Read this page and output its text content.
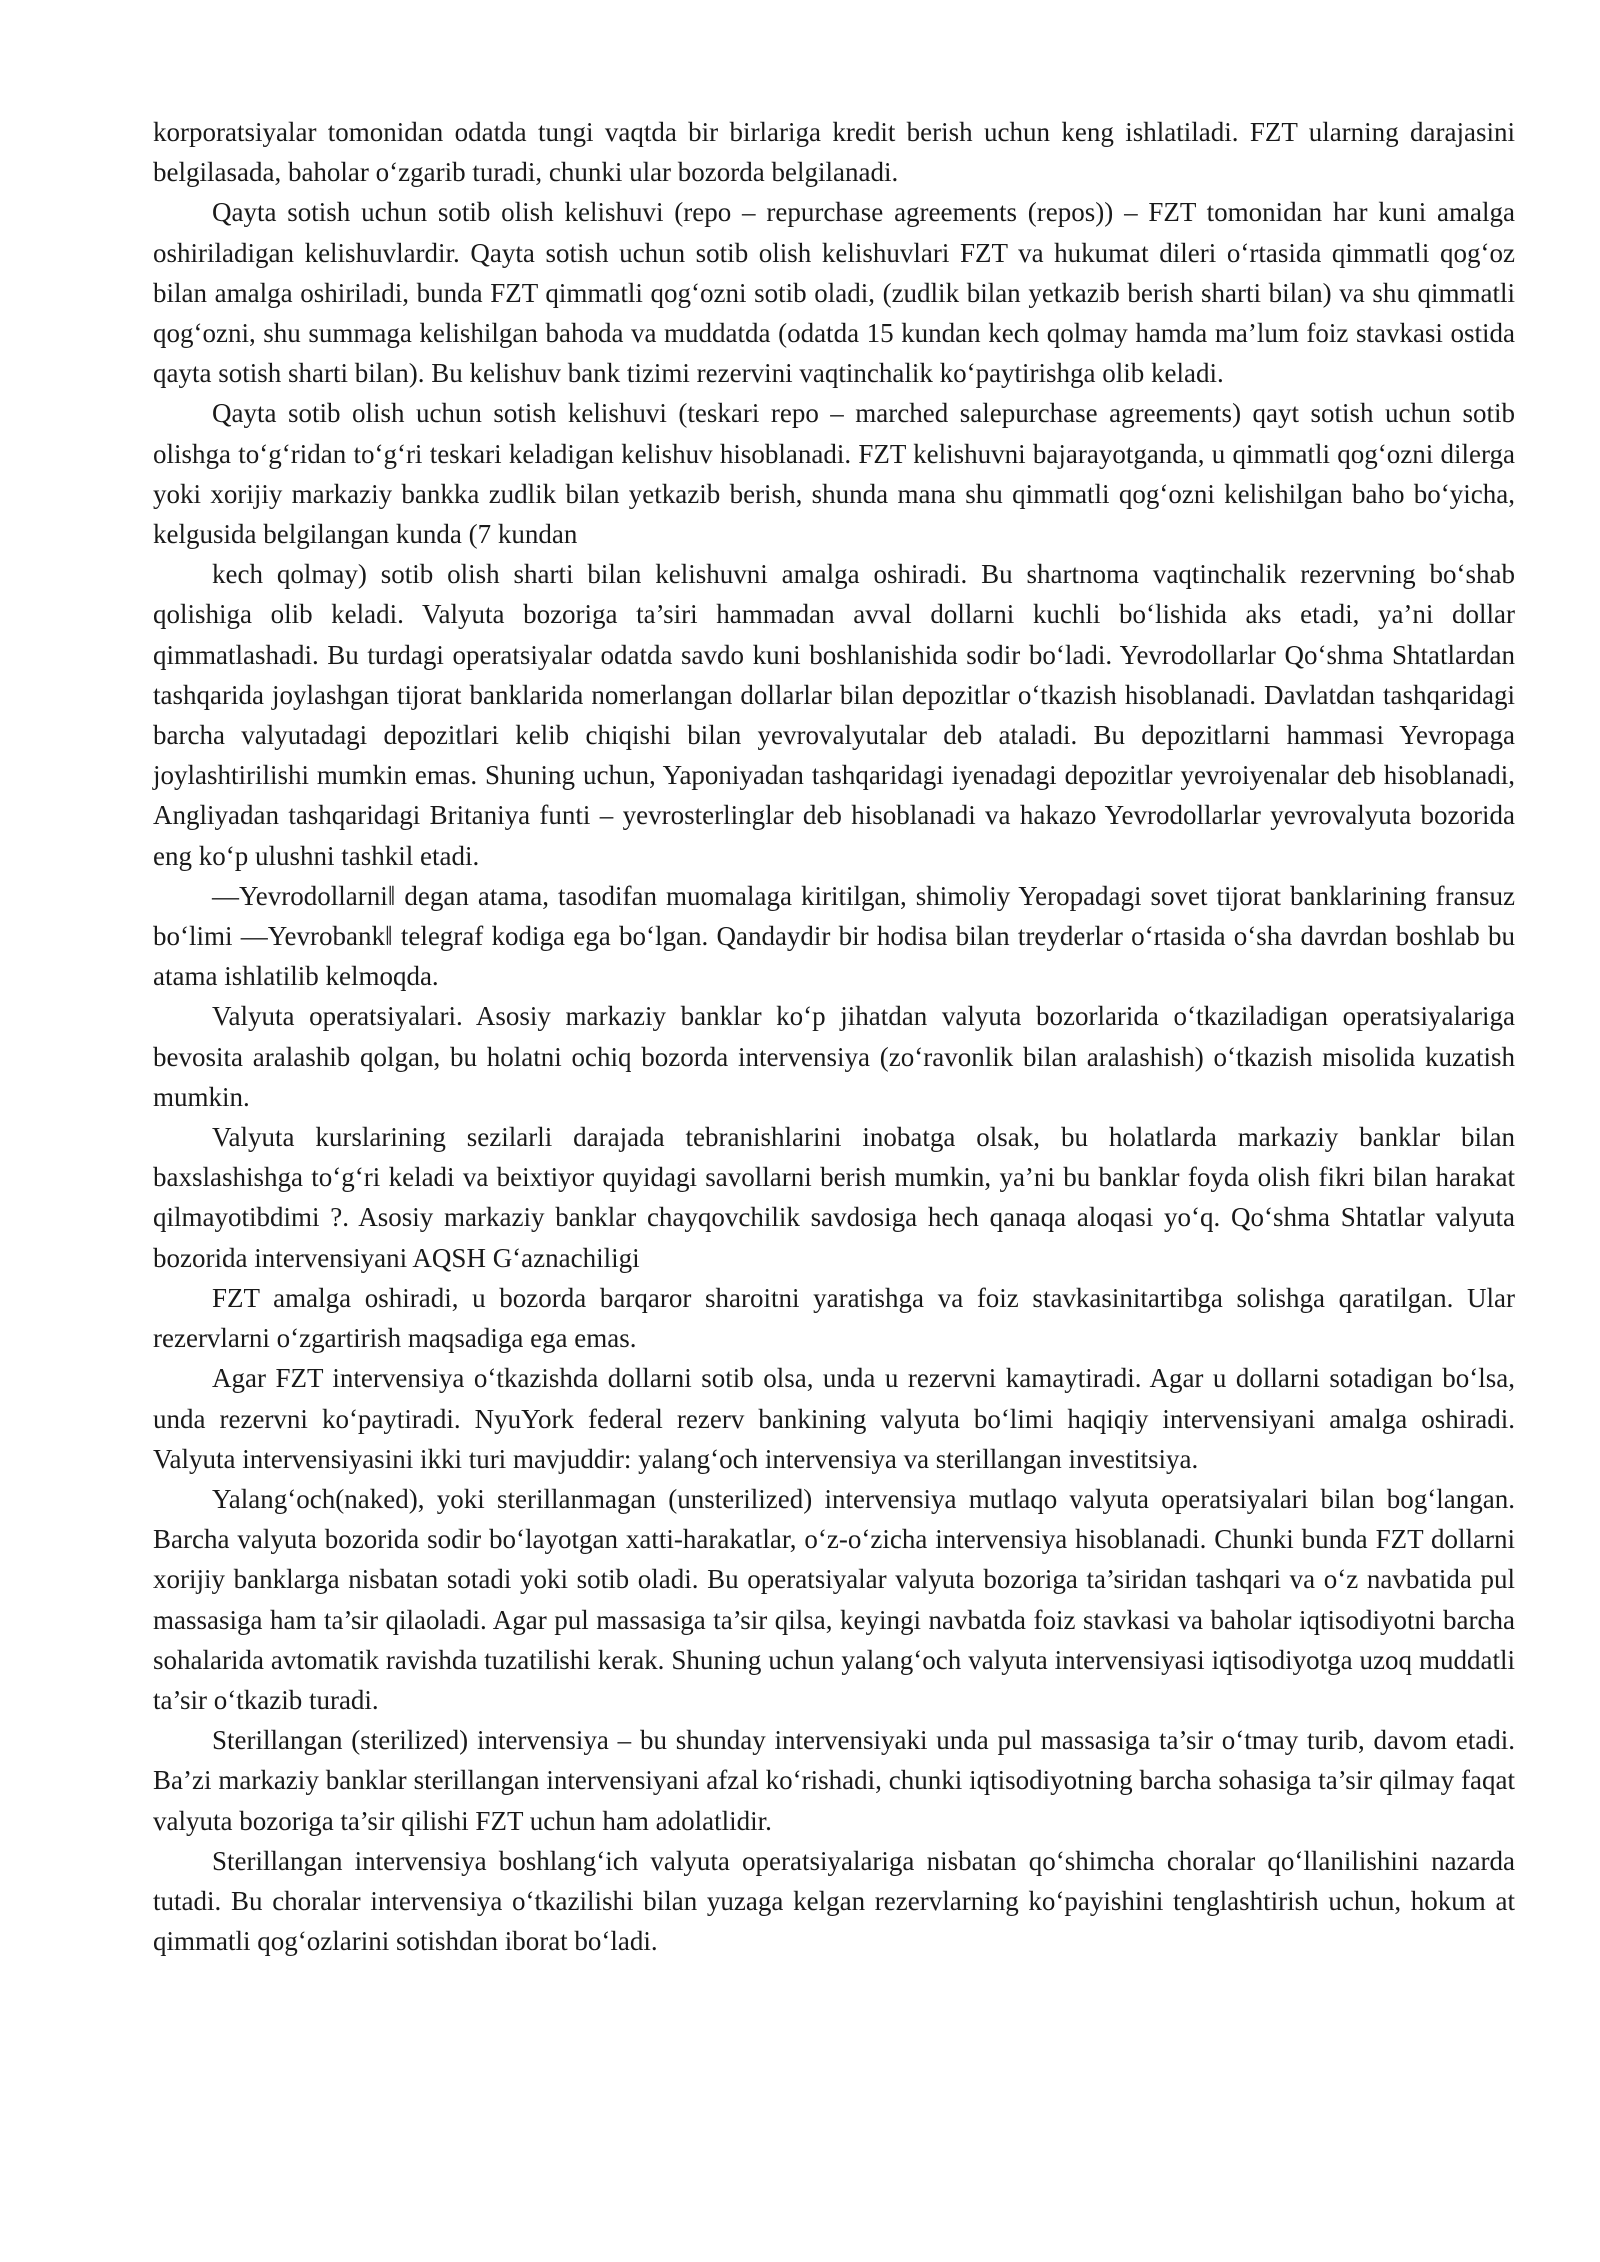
korporatsiyalar tomonidan odatda tungi vaqtda bir birlariga kredit berish uchun keng ishlatiladi. FZT ularning darajasini belgilasada, baholar o‘zgarib turadi, chunki ular bozorda belgilanadi.

Qayta sotish uchun sotib olish kelishuvi (repo – repurchase agreements (repos)) – FZT tomonidan har kuni amalga oshiriladigan kelishuvlardir. Qayta sotish uchun sotib olish kelishuvlari FZT va hukumat dileri o‘rtasida qimmatli qog‘oz bilan amalga oshiriladi, bunda FZT qimmatli qog‘ozni sotib oladi, (zudlik bilan yetkazib berish sharti bilan) va shu qimmatli qog‘ozni, shu summaga kelishilgan bahoda va muddatda (odatda 15 kundan kech qolmay hamda ma’lum foiz stavkasi ostida qayta sotish sharti bilan). Bu kelishuv bank tizimi rezervini vaqtinchalik ko‘paytirishga olib keladi.

Qayta sotib olish uchun sotish kelishuvi (teskari repo – marched salepurchase agreements) qayt sotish uchun sotib olishga to‘g‘ridan to‘g‘ri teskari keladigan kelishuv hisoblanadi. FZT kelishuvni bajarayotganda, u qimmatli qog‘ozni dilerga yoki xorijiy markaziy bankka zudlik bilan yetkazib berish, shunda mana shu qimmatli qog‘ozni kelishilgan baho bo‘yicha, kelgusida belgilangan kunda (7 kundan

kech qolmay) sotib olish sharti bilan kelishuvni amalga oshiradi. Bu shartnoma vaqtinchalik rezervning bo‘shab qolishiga olib keladi. Valyuta bozoriga ta’siri hammadan avval dollarni kuchli bo‘lishida aks etadi, ya’ni dollar qimmatlashadi. Bu turdagi operatsiyalar odatda savdo kuni boshlanishida sodir bo‘ladi. Yevrodollarlar Qo‘shma Shtatlardan tashqarida joylashgan tijorat banklarida nomerlangan dollarlar bilan depozitlar o‘tkazish hisoblanadi. Davlatdan tashqaridagi barcha valyutadagi depozitlari kelib chiqishi bilan yevrovalyutalar deb ataladi. Bu depozitlarni hammasi Yevropaga joylashtirilishi mumkin emas. Shuning uchun, Yaponiyadan tashqaridagi iyenadagi depozitlar yevroiyenalar deb hisoblanadi, Angliyadan tashqaridagi Britaniya funti – yevrosterlinglar deb hisoblanadi va hakazo Yevrodollarlar yevrovalyuta bozorida eng ko‘p ulushni tashkil etadi.

―Yevrodollarni‖ degan atama, tasodifan muomalaga kiritilgan, shimoliy Yeropadagi sovet tijorat banklarining fransuz bo‘limi ―Yevrobank‖ telegraf kodiga ega bo‘lgan. Qandaydir bir hodisa bilan treyderlar o‘rtasida o‘sha davrdan boshlab bu atama ishlatilib kelmoqda.

Valyuta operatsiyalari. Asosiy markaziy banklar ko‘p jihatdan valyuta bozorlarida o‘tkaziladigan operatsiyalariga bevosita aralashib qolgan, bu holatni ochiq bozorda intervensiya (zo‘ravonlik bilan aralashish) o‘tkazish misolida kuzatish mumkin.

Valyuta kurslarining sezilarli darajada tebranishlarini inobatga olsak, bu holatlarda markaziy banklar bilan baxslashishga to‘g‘ri keladi va beixtiyor quyidagi savollarni berish mumkin, ya’ni bu banklar foyda olish fikri bilan harakat qilmayotibdimi ?. Asosiy markaziy banklar chayqovchilik savdosiga hech qanaqa aloqasi yo‘q. Qo‘shma Shtatlar valyuta bozorida intervensiyani AQSH G‘aznachiligi

FZT amalga oshiradi, u bozorda barqaror sharoitni yaratishga va foiz stavkasinitartibga solishga qaratilgan. Ular rezervlarni o‘zgartirish maqsadiga ega emas.

Agar FZT intervensiya o‘tkazishda dollarni sotib olsa, unda u rezervni kamaytiradi. Agar u dollarni sotadigan bo‘lsa, unda rezervni ko‘paytiradi. NyuYork federal rezerv bankining valyuta bo‘limi haqiqiy intervensiyani amalga oshiradi. Valyuta intervensiyasini ikki turi mavjuddir: yalang‘och intervensiya va sterillangan investitsiya.

Yalang‘och(naked), yoki sterillanmagan (unsterilized) intervensiya mutlaqo valyuta operatsiyalari bilan bog‘langan. Barcha valyuta bozorida sodir bo‘layotgan xatti-harakatlar, o‘z-o‘zicha intervensiya hisoblanadi. Chunki bunda FZT dollarni xorijiy banklarga nisbatan sotadi yoki sotib oladi. Bu operatsiyalar valyuta bozoriga ta’siridan tashqari va o‘z navbatida pul massasiga ham ta’sir qilaoladi. Agar pul massasiga ta’sir qilsa, keyingi navbatda foiz stavkasi va baholar iqtisodiyotni barcha sohalarida avtomatik ravishda tuzatilishi kerak. Shuning uchun yalang‘och valyuta intervensiyasi iqtisodiyotga uzoq muddatli ta’sir o‘tkazib turadi.

Sterillangan (sterilized) intervensiya – bu shunday intervensiyaki unda pul massasiga ta’sir o‘tmay turib, davom etadi. Ba’zi markaziy banklar sterillangan intervensiyani afzal ko‘rishadi, chunki iqtisodiyotning barcha sohasiga ta’sir qilmay faqat valyuta bozoriga ta’sir qilishi FZT uchun ham adolatlidir.

Sterillangan intervensiya boshlang‘ich valyuta operatsiyalariga nisbatan qo‘shimcha choralar qo‘llanilishini nazarda tutadi. Bu choralar intervensiya o‘tkazilishi bilan yuzaga kelgan rezervlarning ko‘payishini tenglashtirish uchun, hokum at qimmatli qog‘ozlarini sotishdan iborat bo‘ladi.
